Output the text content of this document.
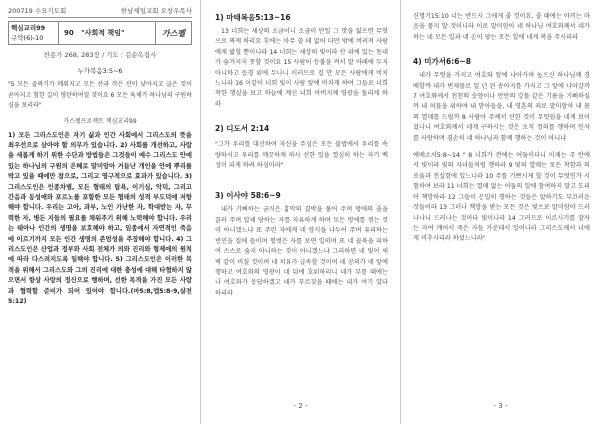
200719 수요기도회	한남제일교회 오창우목사
핵심교리99
구약(6)-10
90 "사회적 책임"	가스펠
찬송가 268, 283장 / 기도 : 김순옥집사
누가복음3:5~6
"5 모든 골짜기가 메워지고 모든 산과 작은 산이 낮아지고 굽은 것이 곧아지고 험한 길이 평탄하여질 것이요 6 모든 육체가 하나님의 구원하심을 보리라"
가스펠프로젝트 핵심교리99
1) 모든 그리스도인은 자기 삶과 인간 사회에서 그리스도의 뜻을 최우선으로 삼아야 할 의무가 있습니다. 2) 사회를 개선하고, 사람을 새롭게 하기 위한 수단과 방법들은 그것들이 예수 그리스도 안에 있는 하나님의 구원의 은혜로 말미암아 거듭난 개인을 안에 뿌리를 박고 있을 때에만 참으로, 그리고 영구적으로 효과가 있습니다. 3) 그리스도인은 인종차별, 모든 형태의 탐욕, 이기심, 악덕, 그리고 간음과 동성애와 포르노를 포함한 모든 형태의 성적 부도덕에 저항해야 합니다. 우리는 고아, 과부, 노인 가난한 자, 학대받는 자, 무력한 자, 병든 지들의 필요를 채워주기 위해 노력해야 합니다. 우리는 태아나 인간의 생명을 보호해야 하고, 임종에서 자연적인 죽음에 이르기까지 모든 인간 생명의 존엄성을 주장해야 합니다. 4) 그리스도인은 산업과 정부와 사회 전체가 의와 진리와 형제애의 원칙에 따라 다스려지도록 일해야 합니다. 5) 그리스도인은 이러한 목적을 위해서 그리스도와 그의 진리에 대한 충성에 대해 타협하지 않으면서 항상 사랑의 정신으로 행하며, 선한 목적을 가진 모든 사람과 협력할 준비가 되어 있어야 합니다.(마5:8,엡5:8-9,살전5:12)
1) 마태복음5:13~16
13 너희는 세상의 소금이니 소금이 만일 그 맛을 잃으면 무엇으로 짜게 하리요 후에는 아무 쓸 데 없어 다만 밖에 버려져 사람에게 밟힐 뿐이니라 14 너희는 세상의 빛이라 산 위에 있는 동네가 숨겨지지 못할 것이요 15 사람이 등불을 켜서 말 아래에 두지 아니하고 등경 위에 두나니 이러므로 집 안 모든 사람에게 비치느니라 16 이같이 너희 빛이 사람 앞에 비치게 하여 그들로 너희 착한 행실을 보고 하늘에 계신 너희 아버지께 영광을 돌리게 하라
2) 디도서 2:14
"그가 우리를 대신하여 자신을 주심은 모든 불법에서 우리를 속량하시고 우리를 깨끗하게 하사 선한 일을 열심히 하는 자기 백성이 되게 하려 하심이라"
3) 이사야 58:6~9
내가 기뻐하는 금식은 흉악의 결박을 풀어 주며 멍에의 줄을 끌러 주며 압제 당하는 자를 자유하게 하며 모든 멍에를 꺾는 것이 아니겠느냐 또 주린 자에게 네 양식을 나누어 주며 유리하는 빈민을 집에 들이며 헐벗은 자를 보면 입히며 또 네 골육을 피하여 스스로 숨지 아니하는 것이 아니겠느냐 그리하면 네 빛이 새벽 같이 비칠 것이며 네 치유가 급속할 것이며 네 공의가 네 앞에 행하고 여호와의 영광이 네 뒤에 호위하리니 네가 부를 때에는 나 여호와가 응답하겠고 네가 부르짖을 때에는 내가 여기 있다 하리라
- 2 -
신명기15:10 너는 반드시 그에게 줄 것이요, 줄 때에는 아끼는 마음을 품지 말 것이니라 이로 말미암아 네 하나님 여호와께서 네가 하는 네 모든 일과 네 손이 닿는 모든 일에 네게 복을 주시리라
4) 미가서6:6~8
내가 무엇을 가지고 여호와 앞에 나아가며 높으신 하나님께 경배할까 내가 번제물로 일 년 된 송아지를 가지고 그 앞에 나아갈까 7 여호와께서 천천의 숫양이나 만만의 강물 같은 기름을 기뻐하실까 내 허물을 위하여 내 맏아들을, 내 영혼의 죄로 말미암아 내 몸의 열매를 드릴까 8 사람아 주께서 선한 것이 무엇임을 네게 보이셨나니 여호와께서 네게 구하시는 것은 오직 정의를 행하며 인자를 사랑하며 겸손히 네 하나님과 함께 행하는 것이 아니냐
에베소서5:8~14 " 8 너희가 전에는 어둠이더니 이제는 주 안에서 빛이라 빛의 자녀들처럼 행하라 9 빛의 열매는 모든 착함과 의로움과 진실함에 있느니라 10 주를 기쁘시게 할 것이 무엇인가 시험하여 보라 11 너희는 열매 없는 어둠의 일에 참여하지 말고 도리어 책망하라 12 그들이 은밀히 행하는 것들은 말하기도 부끄러운 것들이라 13 그러나 책망을 받는 모든 것은 빛으로 말미암아 드러나나니 드러나는 것마다 빛이니라 14 그러므로 이르시기를 잠자는 자여 깨어서 죽은 자들 가운데서 일어나라 그리스도께서 너에게 비추시리라 하셨느니라"
- 3 -
